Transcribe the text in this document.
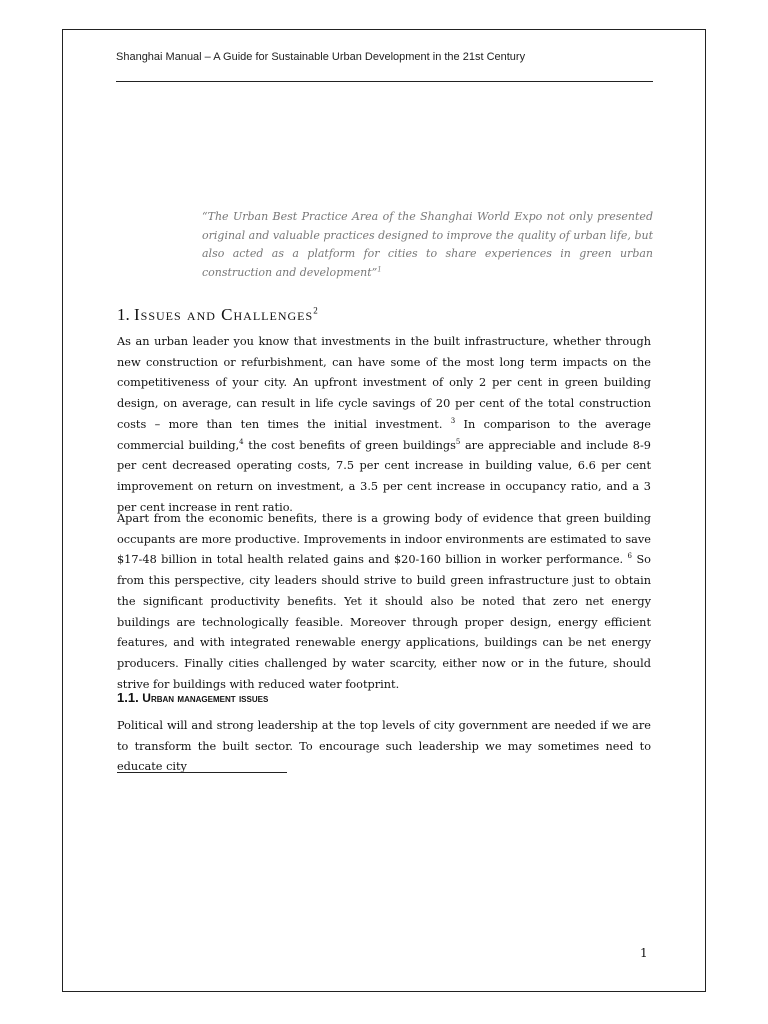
Shanghai Manual – A Guide for Sustainable Urban Development in the 21st Century

“The Urban Best Practice Area of the Shanghai World Expo not only presented original and valuable practices designed to improve the quality of urban life, but also acted as a platform for cities to share experiences in green urban construction and development”$^1$

1. Issues and Challenges$^2$

As an urban leader you know that investments in the built infrastructure, whether through new construction or refurbishment, can have some of the most long term impacts on the competitiveness of your city. An upfront investment of only 2 per cent in green building design, on average, can result in life cycle savings of 20 per cent of the total construction costs – more than ten times the initial investment. $^3$ In comparison to the average commercial building,$^4$ the cost benefits of green buildings$^5$ are appreciable and include 8-9 per cent decreased operating costs, 7.5 per cent increase in building value, 6.6 per cent improvement on return on investment, a 3.5 per cent increase in occupancy ratio, and a 3 per cent increase in rent ratio.

Apart from the economic benefits, there is a growing body of evidence that green building occupants are more productive. Improvements in indoor environments are estimated to save $17-48 billion in total health related gains and $20-160 billion in worker performance. $^6$ So from this perspective, city leaders should strive to build green infrastructure just to obtain the significant productivity benefits. Yet it should also be noted that zero net energy buildings are technologically feasible. Moreover through proper design, energy efficient features, and with integrated renewable energy applications, buildings can be net energy producers. Finally cities challenged by water scarcity, either now or in the future, should strive for buildings with reduced water footprint.

1.1. Urban management issues

Political will and strong leadership at the top levels of city government are needed if we are to transform the built sector. To encourage such leadership we may sometimes need to educate city

1
